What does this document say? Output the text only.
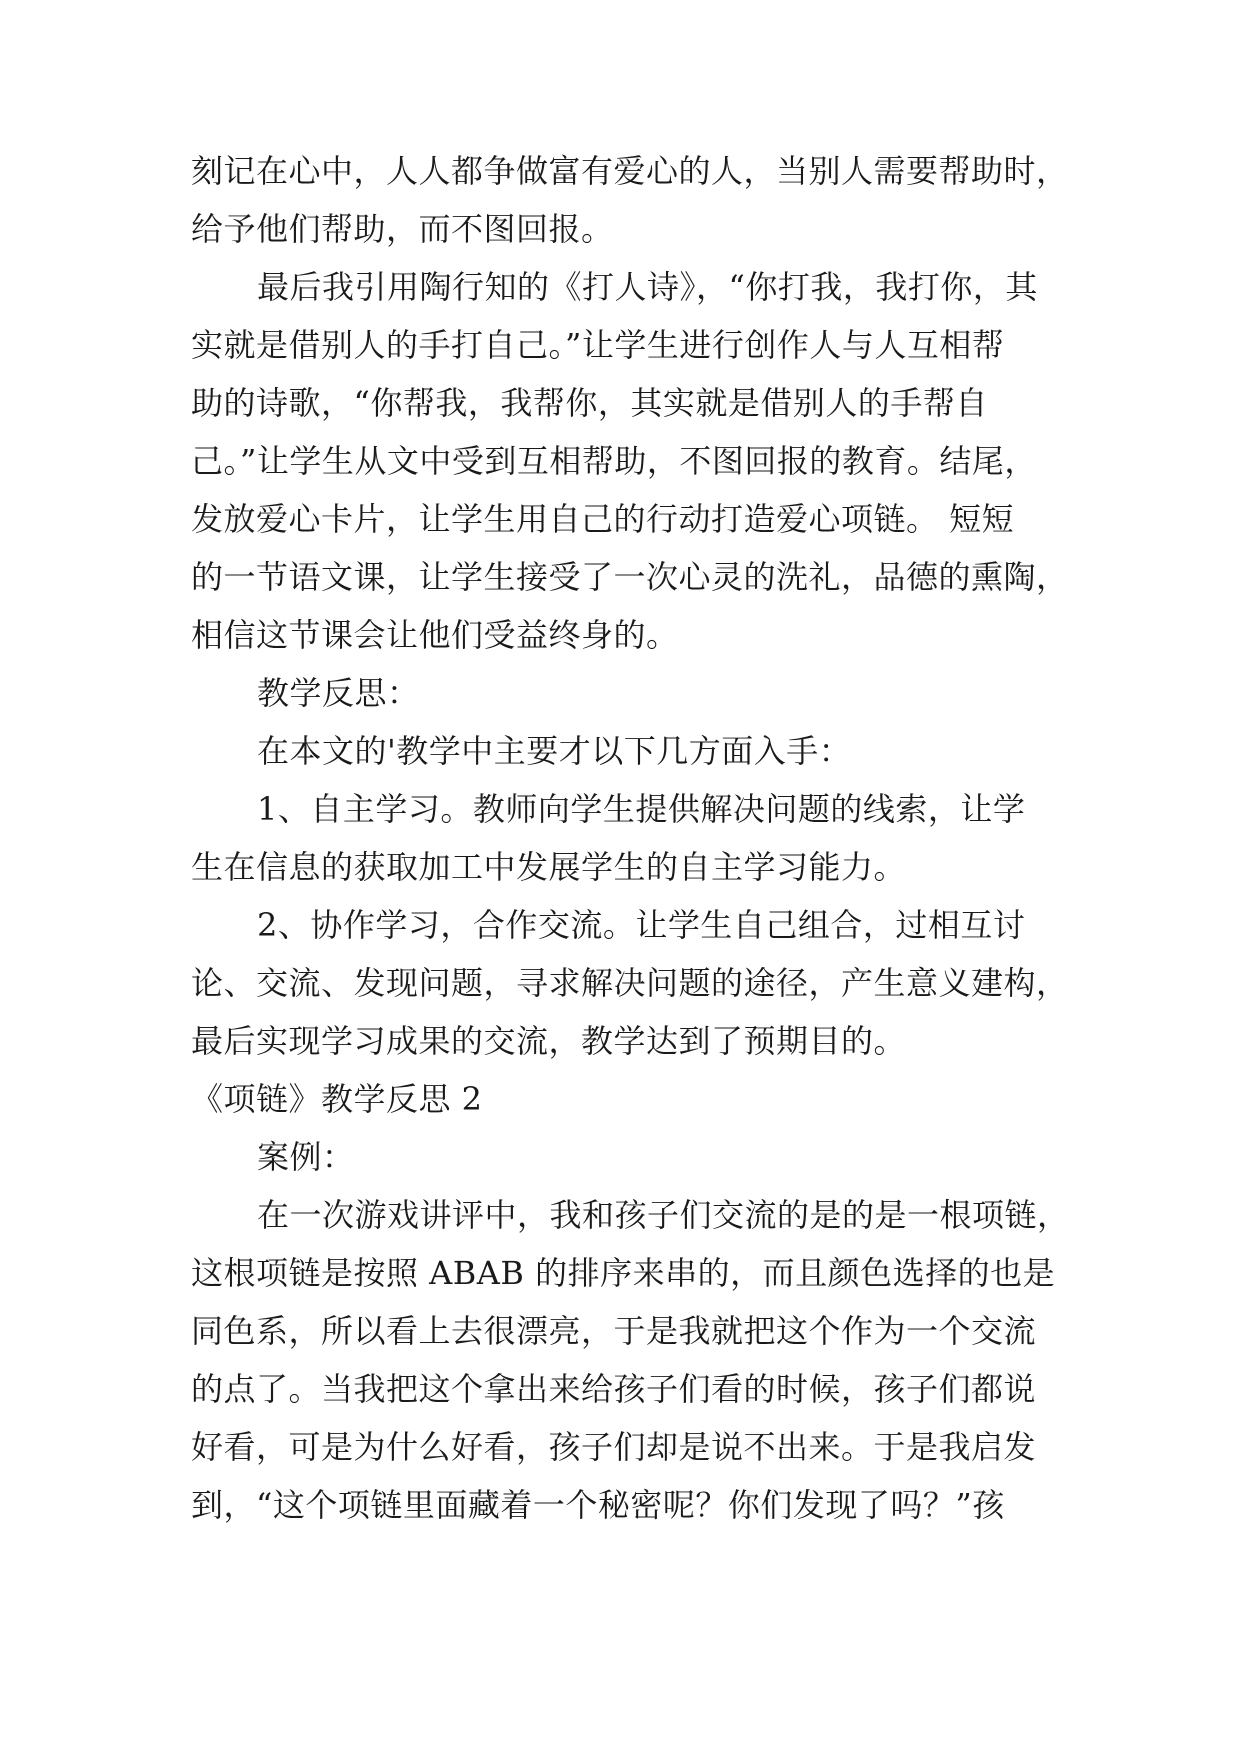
刻记在心中，人人都争做富有爱心的人，当别人需要帮助时，
给予他们帮助，而不图回报。
最后我引用陶行知的《打人诗》，“你打我，我打你，其
实就是借别人的手打自己。”让学生进行创作人与人互相帮
助的诗歌，“你帮我，我帮你，其实就是借别人的手帮自
己。”让学生从文中受到互相帮助，不图回报的教育。结尾，
发放爱心卡片，让学生用自己的行动打造爱心项链。 短短
的一节语文课，让学生接受了一次心灵的洗礼，品德的熏陶，
相信这节课会让他们受益终身的。
教学反思：
在本文的'教学中主要才以下几方面入手：
1、自主学习。教师向学生提供解决问题的线索，让学
生在信息的获取加工中发展学生的自主学习能力。
2、协作学习，合作交流。让学生自己组合，过相互讨
论、交流、发现问题，寻求解决问题的途径，产生意义建构，
最后实现学习成果的交流，教学达到了预期目的。
《项链》教学反思 2
案例：
在一次游戏讲评中，我和孩子们交流的是的是一根项链，
这根项链是按照 ABAB 的排序来串的，而且颜色选择的也是
同色系，所以看上去很漂亮，于是我就把这个作为一个交流
的点了。当我把这个拿出来给孩子们看的时候，孩子们都说
好看，可是为什么好看，孩子们却是说不出来。于是我启发
到，“这个项链里面藏着一个秘密呢？你们发现了吗？”孩
